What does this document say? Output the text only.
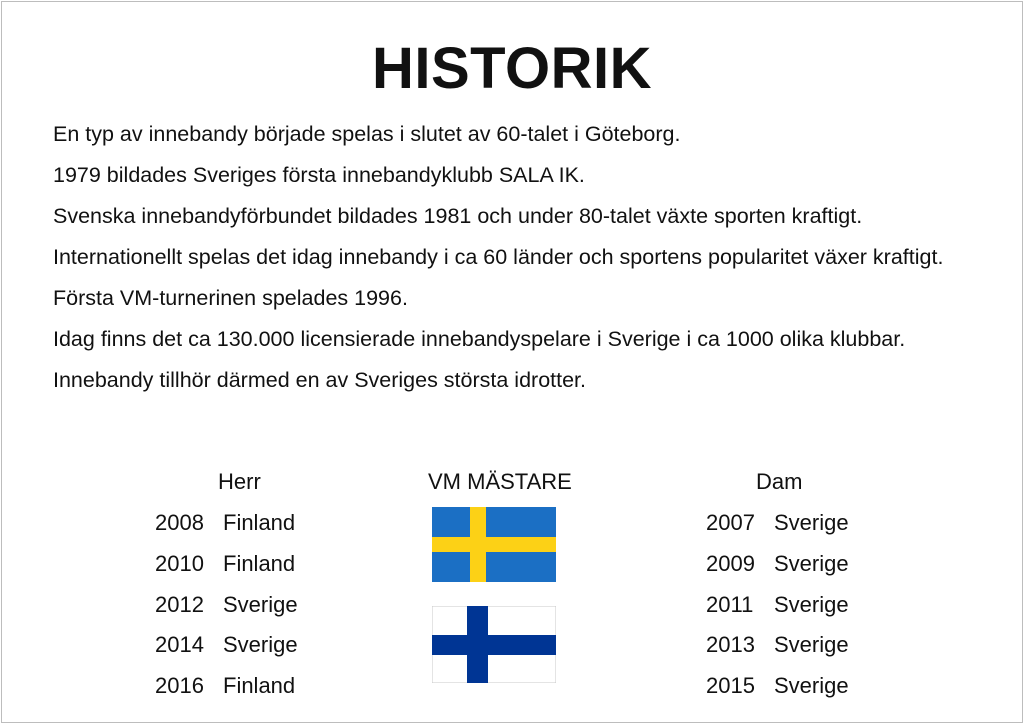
HISTORIK

En typ av innebandy började spelas i slutet av 60-talet i Göteborg.

1979 bildades Sveriges första innebandyklubb SALA IK.

Svenska innebandyförbundet bildades 1981 och under 80-talet växte sporten kraftigt.

Internationellt spelas det idag innebandy i ca 60 länder och sportens popularitet växer kraftigt.

Första VM-turnerinen spelades 1996.

Idag finns det ca 130.000 licensierade innebandyspelare i Sverige i ca 1000 olika klubbar.

Innebandy tillhör därmed en av Sveriges största idrotter.

Herr	VM MÄSTARE	Dam
2008 Finland
2010 Finland
2012 Sverige
2014 Sverige
2016 Finland
2007 Sverige
2009 Sverige
2011 Sverige
2013 Sverige
2015 Sverige
